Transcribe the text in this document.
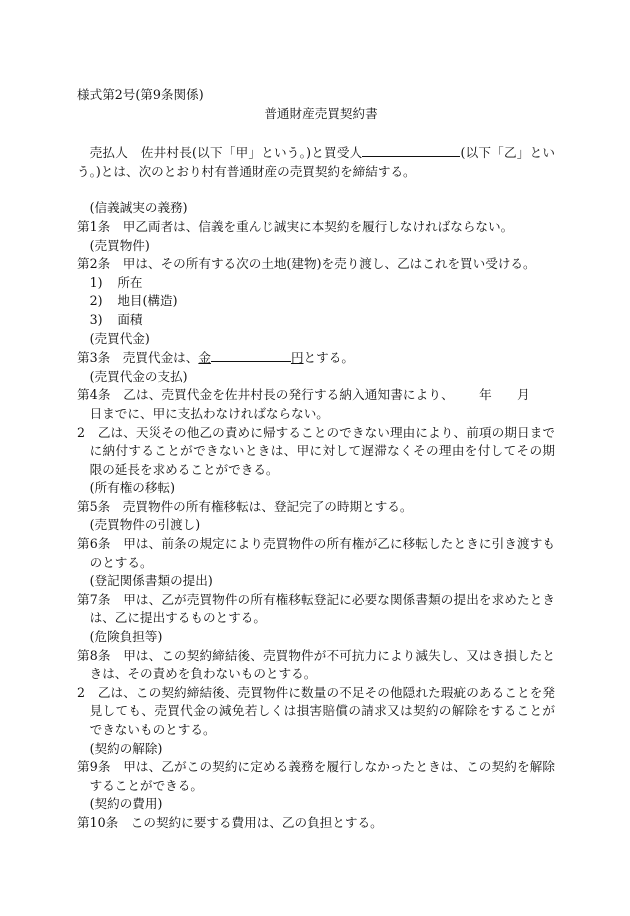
様式第2号(第9条関係)

普通財産売買契約書

売払人　佐井村長(以下「甲」という。)と買受人	(以下「乙」という。)とは、次のとおり村有普通財産の売買契約を締結する。

(信義誠実の義務)

第1条　甲乙両者は、信義を重んじ誠実に本契約を履行しなければならない。

(売買物件)

第2条　甲は、その所有する次の土地(建物)を売り渡し、乙はこれを買い受ける。

1) 所在

2) 地目(構造)

3) 面積

(売買代金)

第3条　売買代金は、金	円とする。

(売買代金の支払)

第4条　乙は、売買代金を佐井村長の発行する納入通知書により、 年 月日までに、甲に支払わなければならない。

2　乙は、天災その他乙の責めに帰することのできない理由により、前項の期日までに納付することができないときは、甲に対して遅滞なくその理由を付してその期限の延長を求めることができる。

(所有権の移転)

第5条　売買物件の所有権移転は、登記完了の時期とする。

(売買物件の引渡し)

第6条　甲は、前条の規定により売買物件の所有権が乙に移転したときに引き渡すものとする。

(登記関係書類の提出)

第7条　甲は、乙が売買物件の所有権移転登記に必要な関係書類の提出を求めたときは、乙に提出するものとする。

(危険負担等)

第8条　甲は、この契約締結後、売買物件が不可抗力により滅失し、又はき損したときは、その責めを負わないものとする。

2　乙は、この契約締結後、売買物件に数量の不足その他隠れた瑕疵のあることを発見しても、売買代金の減免若しくは損害賠償の請求又は契約の解除をすることができないものとする。

(契約の解除)

第9条　甲は、乙がこの契約に定める義務を履行しなかったときは、この契約を解除することができる。

(契約の費用)

第10条　この契約に要する費用は、乙の負担とする。
